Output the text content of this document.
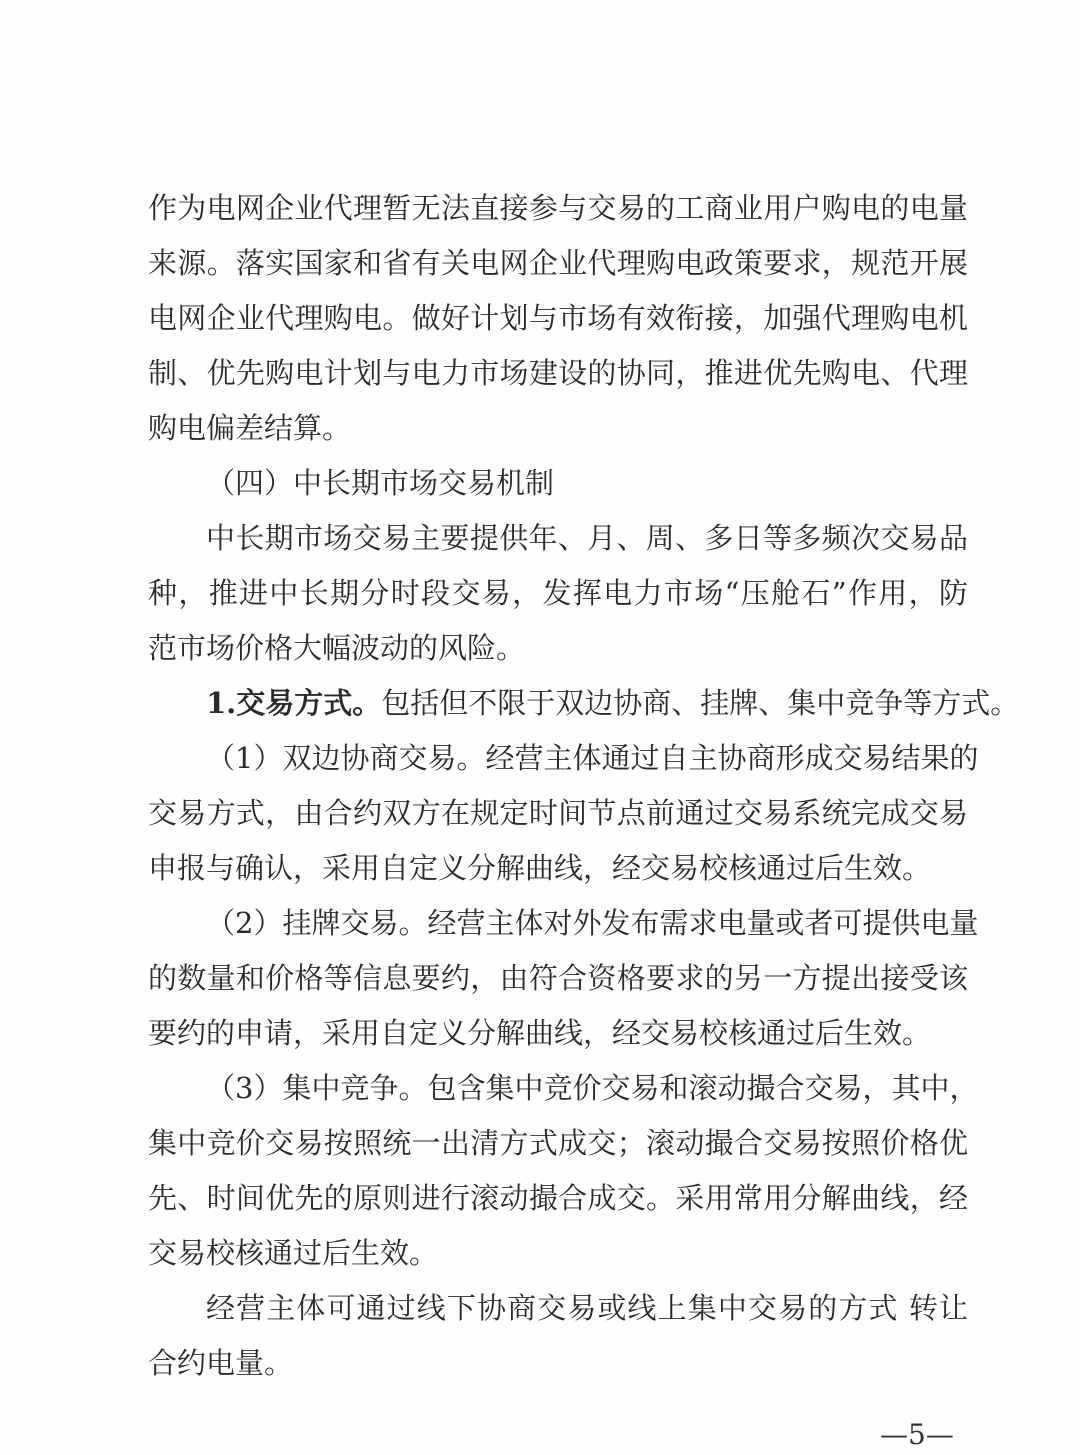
作为电网企业代理暂无法直接参与交易的工商业用户购电的电量
来源。落实国家和省有关电网企业代理购电政策要求，规范开展
电网企业代理购电。做好计划与市场有效衔接，加强代理购电机
制、优先购电计划与电力市场建设的协同，推进优先购电、代理
购电偏差结算。
（四）中长期市场交易机制
中长期市场交易主要提供年、月、周、多日等多频次交易品
种，推进中长期分时段交易，发挥电力市场“压舱石”作用，防
范市场价格大幅波动的风险。
1.交易方式。包括但不限于双边协商、挂牌、集中竞争等方式。
（1）双边协商交易。经营主体通过自主协商形成交易结果的
交易方式，由合约双方在规定时间节点前通过交易系统完成交易
申报与确认，采用自定义分解曲线，经交易校核通过后生效。
（2）挂牌交易。经营主体对外发布需求电量或者可提供电量
的数量和价格等信息要约，由符合资格要求的另一方提出接受该
要约的申请，采用自定义分解曲线，经交易校核通过后生效。
（3）集中竞争。包含集中竞价交易和滚动撮合交易，其中，
集中竞价交易按照统一出清方式成交；滚动撮合交易按照价格优
先、时间优先的原则进行滚动撮合成交。采用常用分解曲线，经
交易校核通过后生效。
经营主体可通过线下协商交易或线上集中交易的方式 转让
合约电量。
—5—
